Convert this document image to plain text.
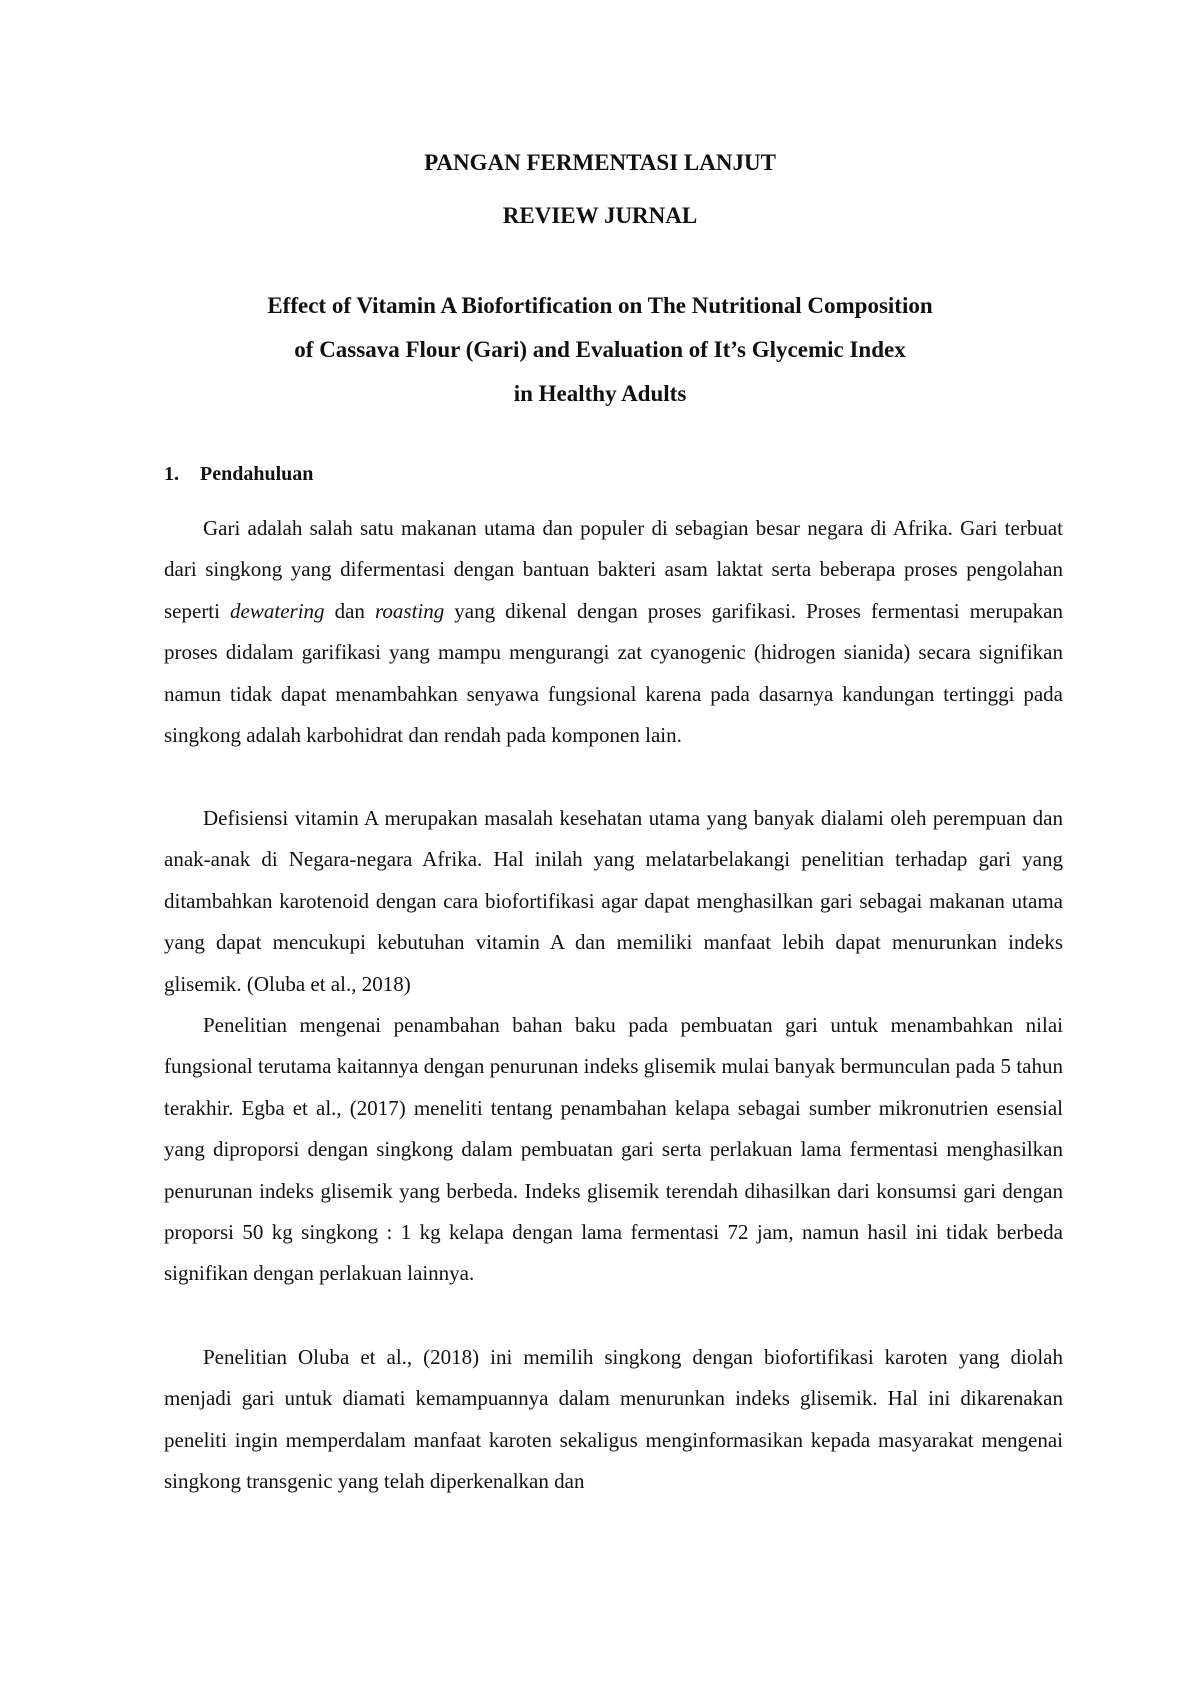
PANGAN FERMENTASI LANJUT
REVIEW JURNAL
Effect of Vitamin A Biofortification on The Nutritional Composition
of Cassava Flour (Gari) and Evaluation of It’s Glycemic Index
in Healthy Adults
1. Pendahuluan

Gari adalah salah satu makanan utama dan populer di sebagian besar negara di Afrika. Gari terbuat dari singkong yang difermentasi dengan bantuan bakteri asam laktat serta beberapa proses pengolahan seperti dewatering dan roasting yang dikenal dengan proses garifikasi. Proses fermentasi merupakan proses didalam garifikasi yang mampu mengurangi zat cyanogenic (hidrogen sianida) secara signifikan namun tidak dapat menambahkan senyawa fungsional karena pada dasarnya kandungan tertinggi pada singkong adalah karbohidrat dan rendah pada komponen lain.

Defisiensi vitamin A merupakan masalah kesehatan utama yang banyak dialami oleh perempuan dan anak-anak di Negara-negara Afrika. Hal inilah yang melatarbelakangi penelitian terhadap gari yang ditambahkan karotenoid dengan cara biofortifikasi agar dapat menghasilkan gari sebagai makanan utama yang dapat mencukupi kebutuhan vitamin A dan memiliki manfaat lebih dapat menurunkan indeks glisemik. (Oluba et al., 2018)

Penelitian mengenai penambahan bahan baku pada pembuatan gari untuk menambahkan nilai fungsional terutama kaitannya dengan penurunan indeks glisemik mulai banyak bermunculan pada 5 tahun terakhir. Egba et al., (2017) meneliti tentang penambahan kelapa sebagai sumber mikronutrien esensial yang diproporsi dengan singkong dalam pembuatan gari serta perlakuan lama fermentasi menghasilkan penurunan indeks glisemik yang berbeda. Indeks glisemik terendah dihasilkan dari konsumsi gari dengan proporsi 50 kg singkong : 1 kg kelapa dengan lama fermentasi 72 jam, namun hasil ini tidak berbeda signifikan dengan perlakuan lainnya.

Penelitian Oluba et al., (2018) ini memilih singkong dengan biofortifikasi karoten yang diolah menjadi gari untuk diamati kemampuannya dalam menurunkan indeks glisemik. Hal ini dikarenakan peneliti ingin memperdalam manfaat karoten sekaligus menginformasikan kepada masyarakat mengenai singkong transgenic yang telah diperkenalkan dan
